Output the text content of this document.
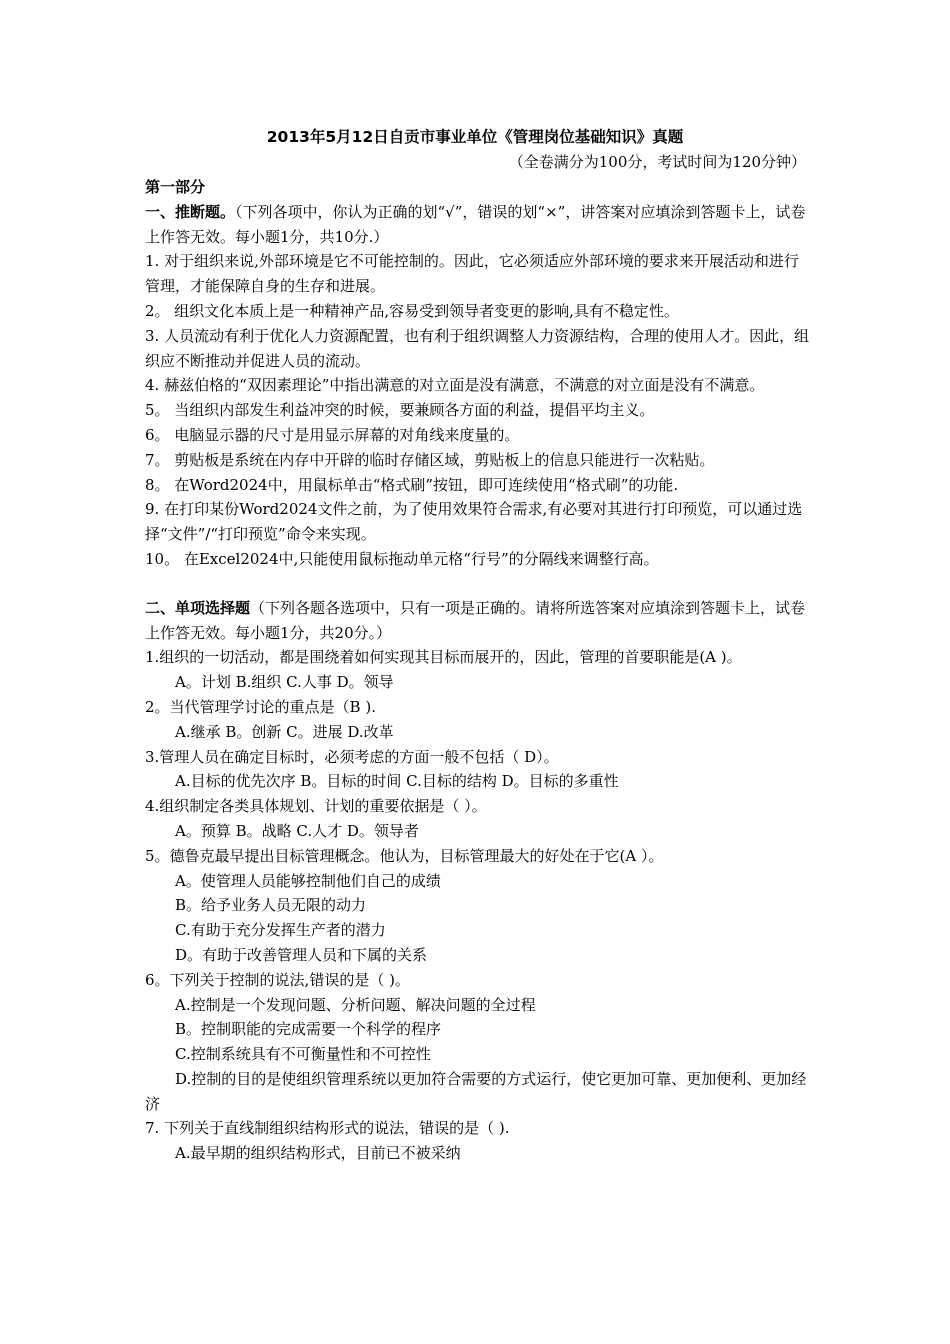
2013年5月12日自贡市事业单位《管理岗位基础知识》真题
（全卷满分为100分，考试时间为120分钟）

第一部分

一、推断题。（下列各项中，你认为正确的划“√”，错误的划“×”，讲答案对应填涂到答题卡上，试卷上作答无效。每小题1分，共10分.）

1. 对于组织来说,外部环境是它不可能控制的。因此，它必须适应外部环境的要求来开展活动和进行管理，才能保障自身的生存和进展。

2。 组织文化本质上是一种精神产品,容易受到领导者变更的影响,具有不稳定性。

3. 人员流动有利于优化人力资源配置，也有利于组织调整人力资源结构，合理的使用人才。因此，组织应不断推动并促进人员的流动。

4. 赫兹伯格的“双因素理论”中指出满意的对立面是没有满意，不满意的对立面是没有不满意。

5。 当组织内部发生利益冲突的时候，要兼顾各方面的利益，提倡平均主义。

6。 电脑显示器的尺寸是用显示屏幕的对角线来度量的。

7。 剪贴板是系统在内存中开辟的临时存储区域，剪贴板上的信息只能进行一次粘贴。

8。 在Word2024中，用鼠标单击“格式刷”按钮，即可连续使用“格式刷”的功能.

9. 在打印某份Word2024文件之前，为了使用效果符合需求,有必要对其进行打印预览，可以通过选择“文件”/“打印预览”命令来实现。

10。 在Excel2024中,只能使用鼠标拖动单元格“行号”的分隔线来调整行高。

二、单项选择题（下列各题各选项中，只有一项是正确的。请将所选答案对应填涂到答题卡上，试卷上作答无效。每小题1分，共20分。）

1.组织的一切活动，都是围绕着如何实现其目标而展开的，因此，管理的首要职能是(A )。

A。计划 B.组织 C.人事 D。领导

2。当代管理学讨论的重点是（B ).

A.继承 B。创新 C。进展 D.改革

3.管理人员在确定目标时，必须考虑的方面一般不包括（ D）。

A.目标的优先次序 B。目标的时间 C.目标的结构 D。目标的多重性

4.组织制定各类具体规划、计划的重要依据是（ ）。

A。预算 B。战略 C.人才 D。领导者

5。德鲁克最早提出目标管理概念。他认为，目标管理最大的好处在于它(A ）。

A。使管理人员能够控制他们自己的成绩

B。给予业务人员无限的动力

C.有助于充分发挥生产者的潜力

D。有助于改善管理人员和下属的关系

6。下列关于控制的说法,错误的是（ )。

A.控制是一个发现问题、分析问题、解决问题的全过程

B。控制职能的完成需要一个科学的程序

C.控制系统具有不可衡量性和不可控性

D.控制的目的是使组织管理系统以更加符合需要的方式运行，使它更加可靠、更加便利、更加经济

7. 下列关于直线制组织结构形式的说法，错误的是（ ).

A.最早期的组织结构形式，目前已不被采纳
